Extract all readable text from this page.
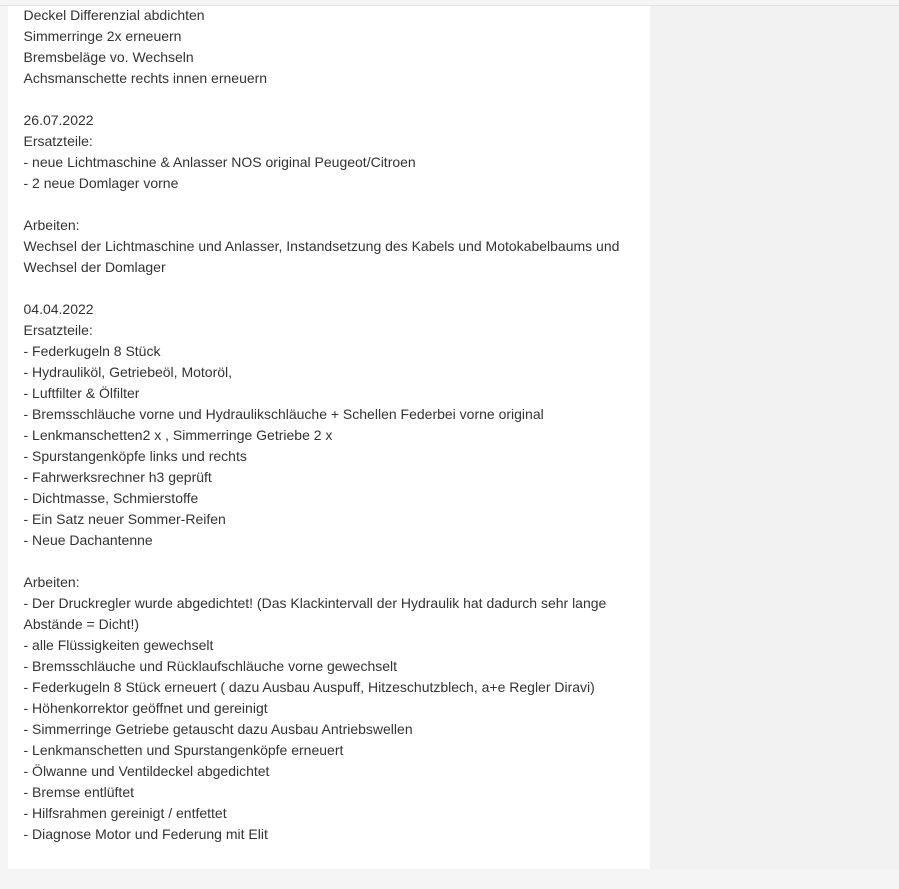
Deckel Differenzial abdichten
Simmerringe 2x erneuern
Bremsbeläge vo. Wechseln
Achsmanschette rechts innen erneuern

26.07.2022
Ersatzteile:
- neue Lichtmaschine & Anlasser NOS original Peugeot/Citroen
- 2 neue Domlager vorne

Arbeiten:
Wechsel der Lichtmaschine und Anlasser, Instandsetzung des Kabels und Motokabelbaums und Wechsel der Domlager

04.04.2022
Ersatzteile:
- Federkugeln 8 Stück
- Hydrauliköl, Getriebeöl, Motoröl,
- Luftfilter & Ölfilter
- Bremsschläuche vorne und Hydraulikschläuche + Schellen Federbei vorne original
- Lenkmanschetten2 x , Simmerringe Getriebe 2 x
- Spurstangenköpfe links und rechts
- Fahrwerksrechner h3 geprüft
- Dichtmasse, Schmierstoffe
- Ein Satz neuer Sommer-Reifen
- Neue Dachantenne

Arbeiten:
- Der Druckregler wurde abgedichtet! (Das Klackintervall der Hydraulik hat dadurch sehr lange Abstände = Dicht!)
- alle Flüssigkeiten gewechselt
- Bremsschläuche und Rücklaufschläuche vorne gewechselt
- Federkugeln 8 Stück erneuert ( dazu Ausbau Auspuff, Hitzeschutzblech, a+e Regler Diravi)
- Höhenkorrektor geöffnet und gereinigt
- Simmerringe Getriebe getauscht dazu Ausbau Antriebswellen
- Lenkmanschetten und Spurstangenköpfe erneuert
- Ölwanne und Ventildeckel abgedichtet
- Bremse entlüftet
- Hilfsrahmen gereinigt / entfettet
- Diagnose Motor und Federung mit Elit
